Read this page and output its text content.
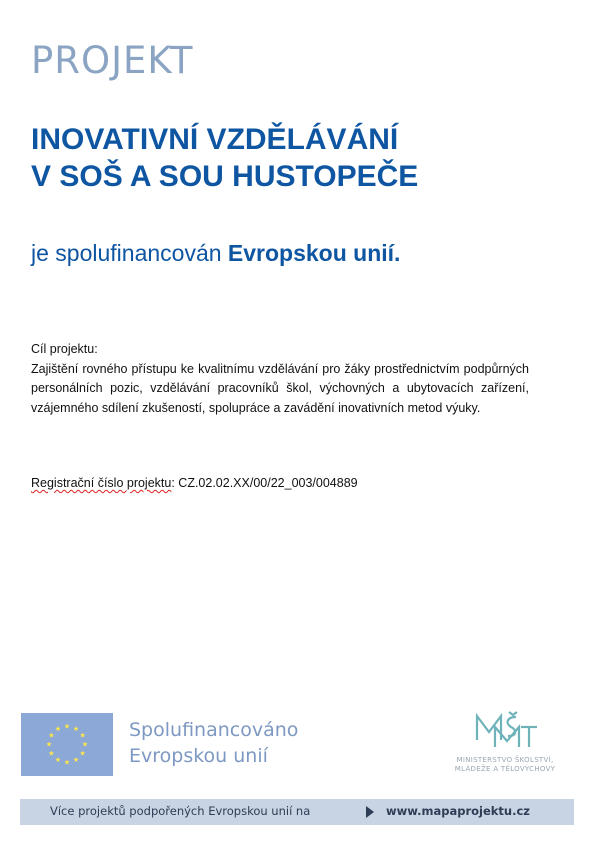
PROJEKT
INOVATIVNÍ VZDĚLÁVÁNÍ
V SOŠ A SOU HUSTOPEČE
je spolufinancován Evropskou unií.
Cíl projektu:
Zajištění rovného přístupu ke kvalitnímu vzdělávání pro žáky prostřednictvím podpůrných personálních pozic, vzdělávání pracovníků škol, výchovných a ubytovacích zařízení, vzájemného sdílení zkušeností, spolupráce a zavádění inovativních metod výuky.
Registrační číslo projektu: CZ.02.02.XX/00/22_003/004889
★ ★
★
★
★
★
★
★
★
★
★
★	Spolufinancováno
Evropskou unií	MINISTERSTVO ŠKOLSTVÍ,
MLÁDEŽE A TĚLOVÝCHOVY
Více projektů podpořených Evropskou unií na	www.mapaprojektu.cz
